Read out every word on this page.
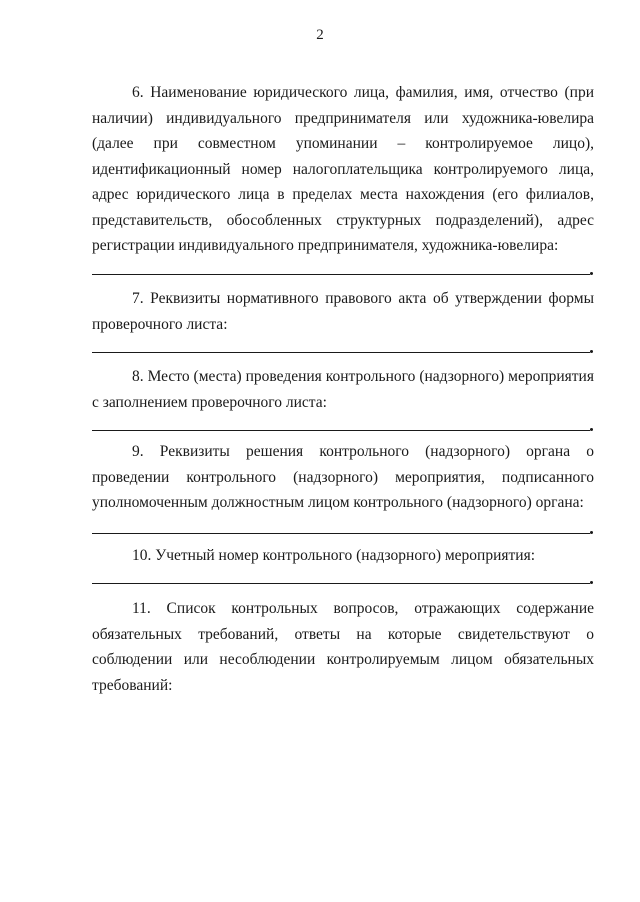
2

6. Наименование юридического лица, фамилия, имя, отчество (при наличии) индивидуального предпринимателя или художника-ювелира (далее при совместном упоминании – контролируемое лицо), идентификационный номер налогоплательщика контролируемого лица, адрес юридического лица в пределах места нахождения (его филиалов, представительств, обособленных структурных подразделений), адрес регистрации индивидуального предпринимателя, художника-ювелира:

7. Реквизиты нормативного правового акта об утверждении формы проверочного листа:

8. Место (места) проведения контрольного (надзорного) мероприятия с заполнением проверочного листа:

9. Реквизиты решения контрольного (надзорного) органа о проведении контрольного (надзорного) мероприятия, подписанного уполномоченным должностным лицом контрольного (надзорного) органа:

10. Учетный номер контрольного (надзорного) мероприятия:

11. Список контрольных вопросов, отражающих содержание обязательных требований, ответы на которые свидетельствуют о соблюдении или несоблюдении контролируемым лицом обязательных требований:
